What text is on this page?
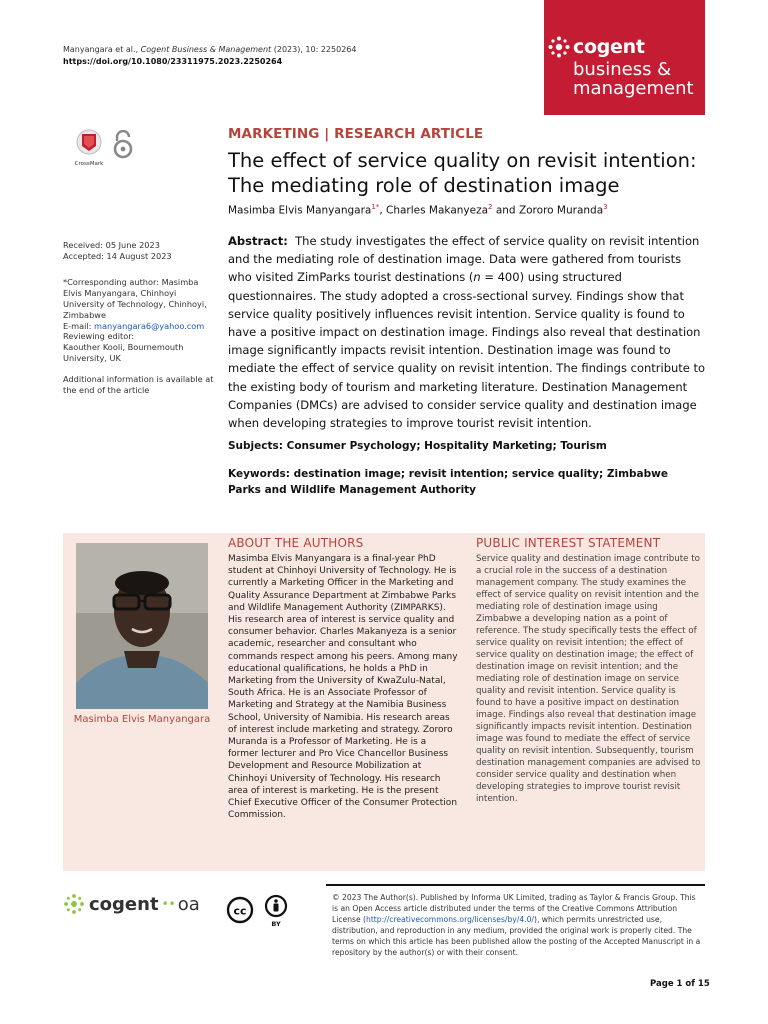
Manyangara et al., Cogent Business & Management (2023), 10: 2250264
https://doi.org/10.1080/23311975.2023.2250264
cogent
business &
management
CrossMark
MARKETING | RESEARCH ARTICLE
The effect of service quality on revisit intention:
The mediating role of destination image
Masimba Elvis Manyangara$^{1*}$, Charles Makanyeza$^2$ and Zororo Muranda$^3$
Received: 05 June 2023
Accepted: 14 August 2023
*Corresponding author: Masimba Elvis Manyangara, Chinhoyi University of Technology, Chinhoyi, Zimbabwe
E-mail: manyangara6@yahoo.com
Reviewing editor:
Kaouther Kooli, Bournemouth University, UK
Additional information is available at the end of the article
Abstract: The study investigates the effect of service quality on revisit intention and the mediating role of destination image. Data were gathered from tourists who visited ZimParks tourist destinations (n = 400) using structured questionnaires. The study adopted a cross-sectional survey. Findings show that service quality positively influences revisit intention. Service quality is found to have a positive impact on destination image. Findings also reveal that destination image significantly impacts revisit intention. Destination image was found to mediate the effect of service quality on revisit intention. The findings contribute to the existing body of tourism and marketing literature. Destination Management Companies (DMCs) are advised to consider service quality and destination image when developing strategies to improve tourist revisit intention.
Subjects: Consumer Psychology; Hospitality Marketing; Tourism
Keywords: destination image; revisit intention; service quality; Zimbabwe Parks and Wildlife Management Authority
Masimba Elvis Manyangara
ABOUT THE AUTHORS
Masimba Elvis Manyangara is a final-year PhD student at Chinhoyi University of Technology. He is currently a Marketing Officer in the Marketing and Quality Assurance Department at Zimbabwe Parks and Wildlife Management Authority (ZIMPARKS). His research area of interest is service quality and consumer behavior. Charles Makanyeza is a senior academic, researcher and consultant who commands respect among his peers. Among many educational qualifications, he holds a PhD in Marketing from the University of KwaZulu-Natal, South Africa. He is an Associate Professor of Marketing and Strategy at the Namibia Business School, University of Namibia. His research areas of interest include marketing and strategy. Zororo Muranda is a Professor of Marketing. He is a former lecturer and Pro Vice Chancellor Business Development and Resource Mobilization at Chinhoyi University of Technology. His research area of interest is marketing. He is the present Chief Executive Officer of the Consumer Protection Commission.
PUBLIC INTEREST STATEMENT
Service quality and destination image contribute to a crucial role in the success of a destination management company. The study examines the effect of service quality on revisit intention and the mediating role of destination image using Zimbabwe a developing nation as a point of reference. The study specifically tests the effect of service quality on revisit intention; the effect of service quality on destination image; the effect of destination image on revisit intention; and the mediating role of destination image on service quality and revisit intention. Service quality is found to have a positive impact on destination image. Findings also reveal that destination image significantly impacts revisit intention. Destination image was found to mediate the effect of service quality on revisit intention. Subsequently, tourism destination management companies are advised to consider service quality and destination when developing strategies to improve tourist revisit intention.
cogent •• oa	cc
BY
© 2023 The Author(s). Published by Informa UK Limited, trading as Taylor & Francis Group. This is an Open Access article distributed under the terms of the Creative Commons Attribution License (http://creativecommons.org/licenses/by/4.0/), which permits unrestricted use, distribution, and reproduction in any medium, provided the original work is properly cited. The terms on which this article has been published allow the posting of the Accepted Manuscript in a repository by the author(s) or with their consent.
Page 1 of 15
